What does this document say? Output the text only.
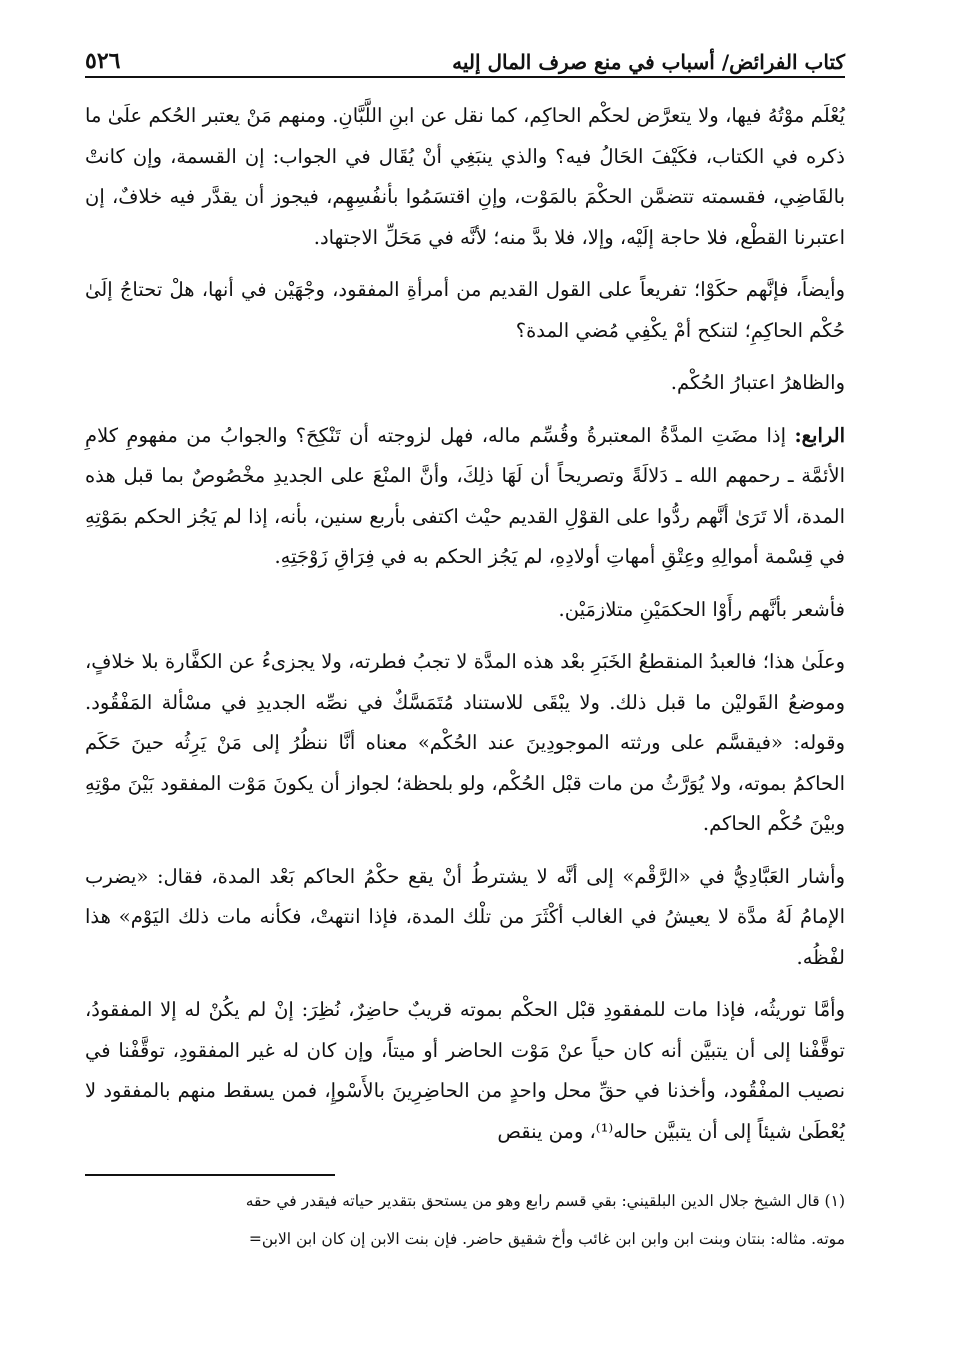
كتاب الفرائض/ أسباب في منع صرف المال إليه
٥٢٦

يُعْلَم موْتُهُ فيها، ولا يتعرَّض لحكْم الحاكِم، كما نقل عن ابنِ اللَّبَّانِ. ومنهم مَنْ يعتبر الحُكم علَىٰ ما ذكره في الكتاب، فكَيْفَ الحَالُ فيه؟ والذي ينبَغِي أنْ يُقَال في الجواب: إن القسمة، وإن كانتْ بالقَاضِي، فقسمته تتضمَّن الحكْمَ بالمَوْت، وإنِ اقتسَمُوا بأنفُسِهِم، فيجوز أن يقدَّر فيه خلافٌ، إن اعتبرنا القطْع، فلا حاجة إلَيْه، وإلا، فلا بدَّ منه؛ لأنَّه في مَحَلِّ الاجتهاد.

وأيضاً، فإنَّهم حكَوْا؛ تفريعاً على القول القديم من أمرأةِ المفقود، وجْهَيْن في أنها، هلْ تحتاجُ إلَىٰ حُكْم الحاكِمِ؛ لتنكح أمْ يكْفِي مُضي المدة؟

والظاهرُ اعتبارُ الحُكْم.

الرابع: إذا مضَتِ المدَّةُ المعتبرةُ وقُسِّم ماله، فهل لزوجته أن تَنْكِحَ؟ والجوابُ من مفهومِ كلامِ الأئمَّة ـ رحمهم الله ـ دَلالَةً وتصريحاً أن لَهَا ذلِكَ، وأنَّ المنْعَ على الجديدِ مخْصُوصٌ بما قبل هذه المدة، ألا تَرَىٰ أنَّهم ردُّوا على القوْلِ القديم حيْث اكتفى بأربع سنين، بأنه، إذا لم يَجُز الحكم بمَوْتِهِ في قِسْمة أموالِهِ وعِتْقِ أمهاتِ أولادِهِ، لم يَجُز الحكم به في فِرَاقِ زَوْجَتِهِ.

فأشعر بأنَّهم رأَوْا الحكمَيْنِ متلازمَيْن.

وعلَىٰ هذا؛ فالعبدُ المنقطعُ الخَبَرِ بعْد هذه المدَّة لا تجبُ فطرته، ولا يجزىءُ عن الكفَّارة بلا خلافٍ، وموضعُ القَوليْن ما قبل ذلك. ولا يبْقَى للاستناد مُتَمَسَّكٌ في نصِّه الجديدِ في مسْألة المَفْقُود. وقوله: «فيقسَّم على ورثته الموجودِينَ عند الحُكْم» معناه أنَّا ننظُرُ إلى مَنْ يَرِثُه حينَ حَكَم الحاكمُ بموته، ولا يُوَرَّثُ من مات قبْل الحُكْم، ولو بلحظة؛ لجواز أن يكونَ مَوْت المفقود بَيْنَ موْتِهِ وبيْنَ حُكْم الحاكم.

وأشار العَبَّادِيُّ في «الرَّقْم» إلى أنَّه لا يشترطُ أنْ يقع حكْمُ الحاكم بَعْد المدة، فقال: «يضرب الإمامُ لَهُ مدَّة لا يعيشُ في الغالب أكْثَرَ من تلْك المدة، فإذا انتهتْ، فكأنه مات ذلك اليَوْم» هذا لفْظُه.

وأمَّا توريثُه، فإذا مات للمفقودِ قبْل الحكْم بموته قريبٌ حاضِرٌ، نُظِرَ: إنْ لم يكُنْ له إلا المفقودُ، توقَّفْنا إلى أن يتبيَّن أنه كان حياً عنْ مَوْت الحاضر أو ميتاً، وإن كان له غير المفقودِ، توقَّفْنا في نصيب المفْقُود، وأخذنا في حقِّ محل واحدٍ من الحاضِرِينَ بالأَسْوإِ، فمن يسقط منهم بالمفقود لا يُعْطَىٰ شيئاً إلى أن يتبيَّن حاله⁽¹⁾، ومن ينقص

(١) قال الشيخ جلال الدين البلقيني: بقي قسم رابع وهو من يستحق بتقدير حياته فيقدر في حقه

موته. مثاله: بنتان وبنت ابن وابن ابن غائب وأخ شقيق حاضر. فإن بنت الابن إن كان ابن الابن=
